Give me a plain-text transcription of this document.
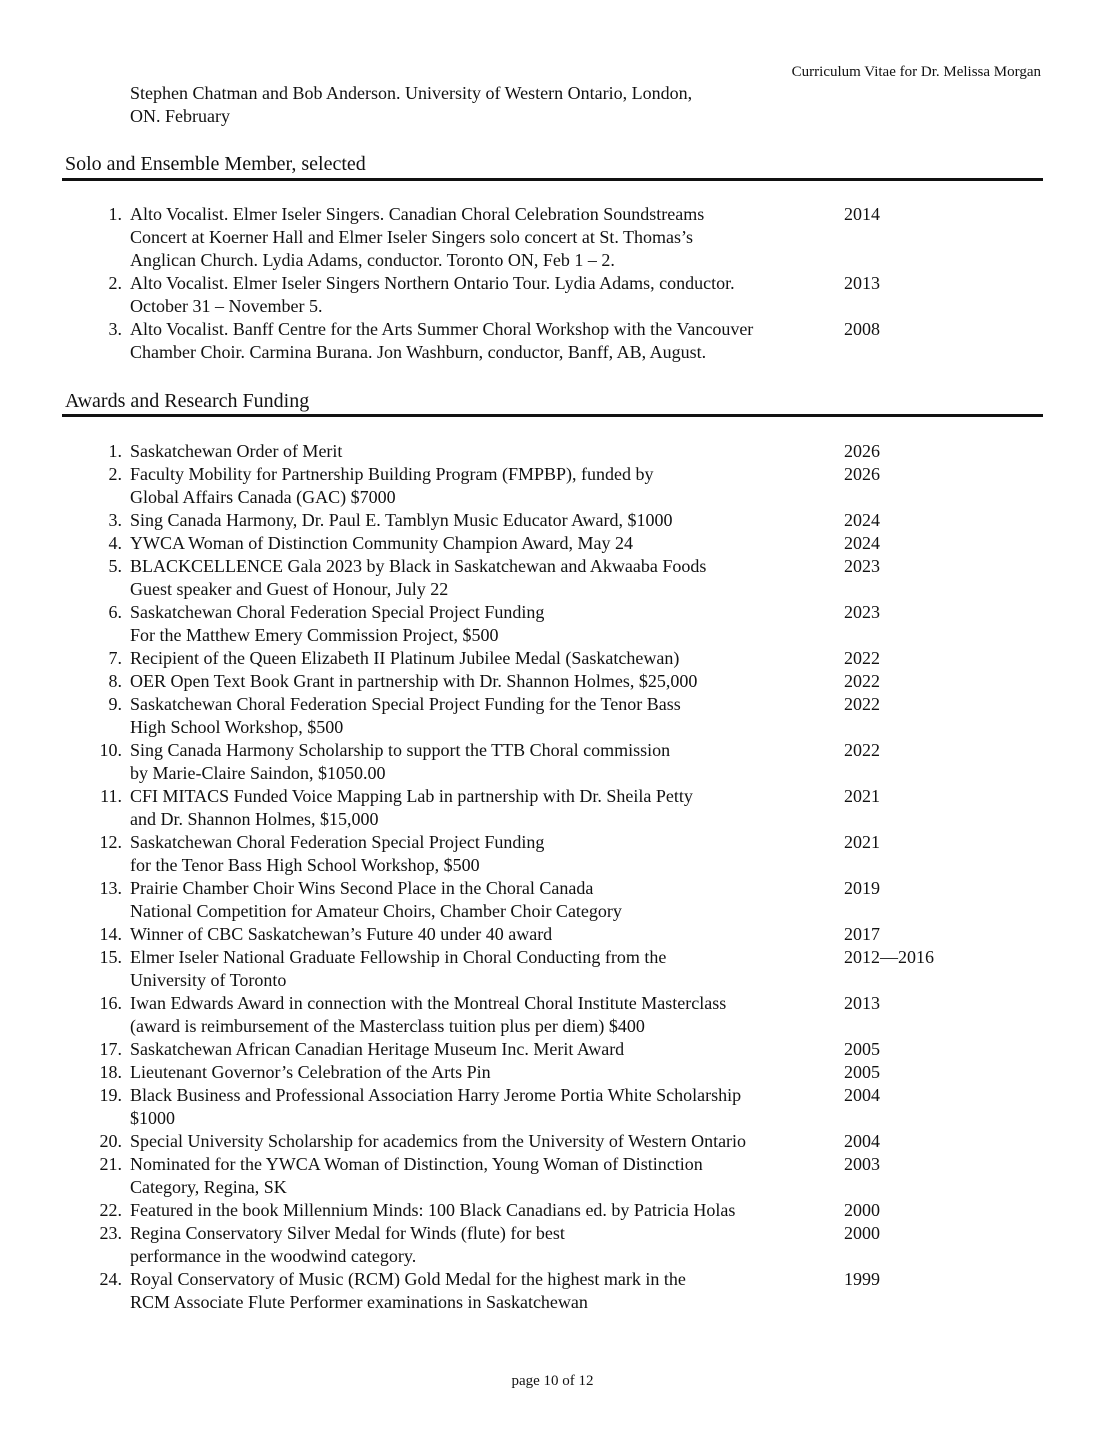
Curriculum Vitae for Dr. Melissa Morgan
Stephen Chatman and Bob Anderson. University of Western Ontario, London,
ON. February
Solo and Ensemble Member, selected
1. Alto Vocalist. Elmer Iseler Singers. Canadian Choral Celebration Soundstreams
Concert at Koerner Hall and Elmer Iseler Singers solo concert at St. Thomas’s
Anglican Church. Lydia Adams, conductor. Toronto ON, Feb 1 – 2.
2014
2. Alto Vocalist. Elmer Iseler Singers Northern Ontario Tour. Lydia Adams, conductor.
October 31 – November 5.
2013
3. Alto Vocalist. Banff Centre for the Arts Summer Choral Workshop with the Vancouver
Chamber Choir. Carmina Burana. Jon Washburn, conductor, Banff, AB, August.
2008
Awards and Research Funding
1. Saskatchewan Order of Merit	2026
2. Faculty Mobility for Partnership Building Program (FMPBP), funded by
Global Affairs Canada (GAC) $7000
2026
3. Sing Canada Harmony, Dr. Paul E. Tamblyn Music Educator Award, $1000	2024
4. YWCA Woman of Distinction Community Champion Award, May 24	2024
5. BLACKCELLENCE Gala 2023 by Black in Saskatchewan and Akwaaba Foods
Guest speaker and Guest of Honour, July 22
2023
6. Saskatchewan Choral Federation Special Project Funding
For the Matthew Emery Commission Project, $500
2023
7. Recipient of the Queen Elizabeth II Platinum Jubilee Medal (Saskatchewan)	2022
8. OER Open Text Book Grant in partnership with Dr. Shannon Holmes, $25,000	2022
9. Saskatchewan Choral Federation Special Project Funding for the Tenor Bass
High School Workshop, $500
2022
10. Sing Canada Harmony Scholarship to support the TTB Choral commission
by Marie-Claire Saindon, $1050.00
2022
11. CFI MITACS Funded Voice Mapping Lab in partnership with Dr. Sheila Petty
and Dr. Shannon Holmes, $15,000
2021
12. Saskatchewan Choral Federation Special Project Funding
for the Tenor Bass High School Workshop, $500
2021
13. Prairie Chamber Choir Wins Second Place in the Choral Canada
National Competition for Amateur Choirs, Chamber Choir Category
2019
14. Winner of CBC Saskatchewan’s Future 40 under 40 award	2017
15. Elmer Iseler National Graduate Fellowship in Choral Conducting from the
University of Toronto
2012—2016
16. Iwan Edwards Award in connection with the Montreal Choral Institute Masterclass
(award is reimbursement of the Masterclass tuition plus per diem) $400
2013
17. Saskatchewan African Canadian Heritage Museum Inc. Merit Award	2005
18. Lieutenant Governor’s Celebration of the Arts Pin	2005
19. Black Business and Professional Association Harry Jerome Portia White Scholarship
$1000
2004
20. Special University Scholarship for academics from the University of Western Ontario	2004
21. Nominated for the YWCA Woman of Distinction, Young Woman of Distinction
Category, Regina, SK
2003
22. Featured in the book Millennium Minds: 100 Black Canadians ed. by Patricia Holas	2000
23. Regina Conservatory Silver Medal for Winds (flute) for best
performance in the woodwind category.
2000
24. Royal Conservatory of Music (RCM) Gold Medal for the highest mark in the
RCM Associate Flute Performer examinations in Saskatchewan
1999
page 10 of 12
